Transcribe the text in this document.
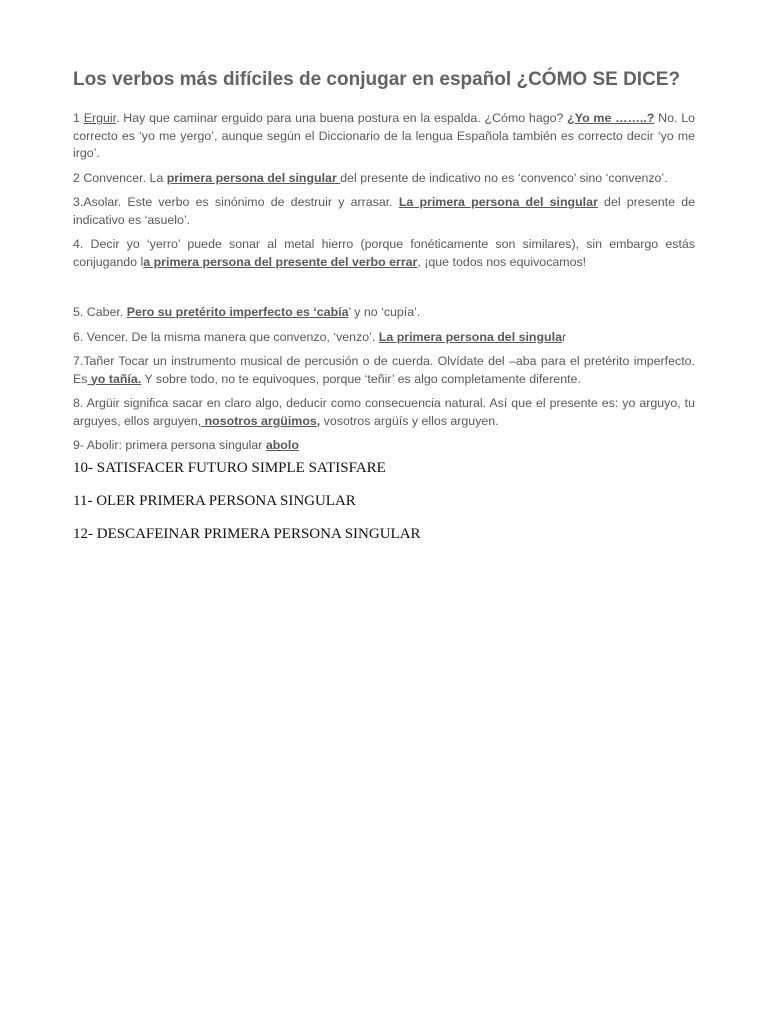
Los verbos más difíciles de conjugar en español ¿CÓMO SE DICE?

1 Erguir. Hay que caminar erguido para una buena postura en la espalda. ¿Cómo hago? ¿Yo me ……..? No. Lo correcto es ‘yo me yergo’, aunque según el Diccionario de la lengua Española también es correcto decir ‘yo me irgo’.

2 Convencer. La primera persona del singular del presente de indicativo no es ‘convenco’ sino ‘convenzo’.

3.Asolar. Este verbo es sinónimo de destruir y arrasar. La primera persona del singular del presente de indicativo es ‘asuelo’.

4. Decir yo ‘yerro’ puede sonar al metal hierro (porque fonéticamente son similares), sin embargo estás conjugando la primera persona del presente del verbo errar, ¡que todos nos equivocamos!

5. Caber. Pero su pretérito imperfecto es ‘cabía’ y no ‘cupía’.

6. Vencer. De la misma manera que convenzo, ‘venzo’. La primera persona del singular

7.Tañer Tocar un instrumento musical de percusión o de cuerda. Olvídate del –aba para el pretérito imperfecto. Es yo tañía. Y sobre todo, no te equivoques, porque ‘teñir’ es algo completamente diferente.

8. Argüir significa sacar en claro algo, deducir como consecuencia natural. Así que el presente es: yo arguyo, tu arguyes, ellos arguyen, nosotros argüimos, vosotros argüís y ellos arguyen.

9- Abolir: primera persona singular abolo

10- SATISFACER FUTURO SIMPLE SATISFARE

11- OLER PRIMERA PERSONA SINGULAR

12- DESCAFEINAR PRIMERA PERSONA SINGULAR
